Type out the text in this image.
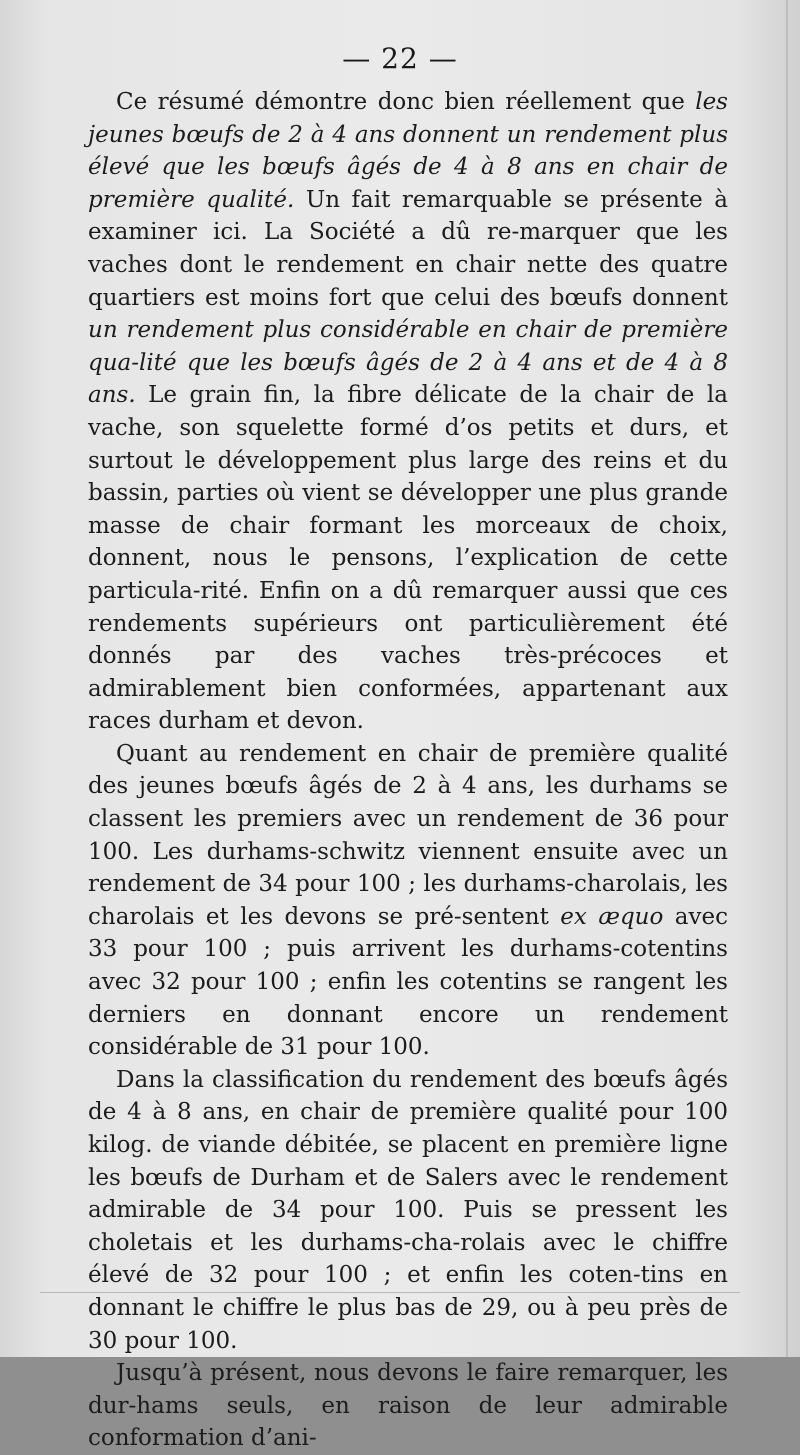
— 22 —

Ce résumé démontre donc bien réellement que les jeunes bœufs de 2 à 4 ans donnent un rendement plus élevé que les bœufs âgés de 4 à 8 ans en chair de première qualité. Un fait remarquable se présente à examiner ici. La Société a dû re-marquer que les vaches dont le rendement en chair nette des quatre quartiers est moins fort que celui des bœufs donnent un rendement plus considérable en chair de première qua-lité que les bœufs âgés de 2 à 4 ans et de 4 à 8 ans. Le grain fin, la fibre délicate de la chair de la vache, son squelette formé d’os petits et durs, et surtout le développement plus large des reins et du bassin, parties où vient se développer une plus grande masse de chair formant les morceaux de choix, donnent, nous le pensons, l’explication de cette particula-rité. Enfin on a dû remarquer aussi que ces rendements supérieurs ont particulièrement été donnés par des vaches très-précoces et admirablement bien conformées, appartenant aux races durham et devon.

Quant au rendement en chair de première qualité des jeunes bœufs âgés de 2 à 4 ans, les durhams se classent les premiers avec un rendement de 36 pour 100. Les durhams-schwitz viennent ensuite avec un rendement de 34 pour 100 ; les durhams-charolais, les charolais et les devons se pré-sentent ex æquo avec 33 pour 100 ; puis arrivent les durhams-cotentins avec 32 pour 100 ; enfin les cotentins se rangent les derniers en donnant encore un rendement considérable de 31 pour 100.

Dans la classification du rendement des bœufs âgés de 4 à 8 ans, en chair de première qualité pour 100 kilog. de viande débitée, se placent en première ligne les bœufs de Durham et de Salers avec le rendement admirable de 34 pour 100. Puis se pressent les choletais et les durhams-cha-rolais avec le chiffre élevé de 32 pour 100 ; et enfin les coten-tins en donnant le chiffre le plus bas de 29, ou à peu près de 30 pour 100.

Jusqu’à présent, nous devons le faire remarquer, les dur-hams seuls, en raison de leur admirable conformation d’ani-
